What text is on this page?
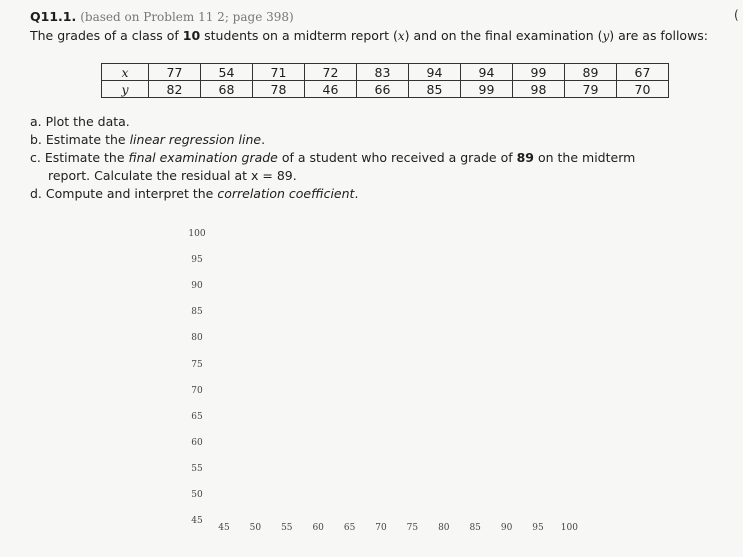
Q11.1. (based on Problem 11 2; page 398)	(
The grades of a class of 10 students on a midterm report (x) and on the final examination (y) are as follows:
x	77	54	71	72	83	94	94	99	89	67
y	82	68	78	46	66	85	99	98	79	70
a. Plot the data.
b. Estimate the linear regression line.
c. Estimate the final examination grade of a student who received a grade of 89 on the midterm
report. Calculate the residual at x = 89.
d. Compute and interpret the correlation coefficient.
100
95
90
85
80
75
70
65
60
55
50
45
45	50	55	60	65	70	75	80	85	90	95	100
